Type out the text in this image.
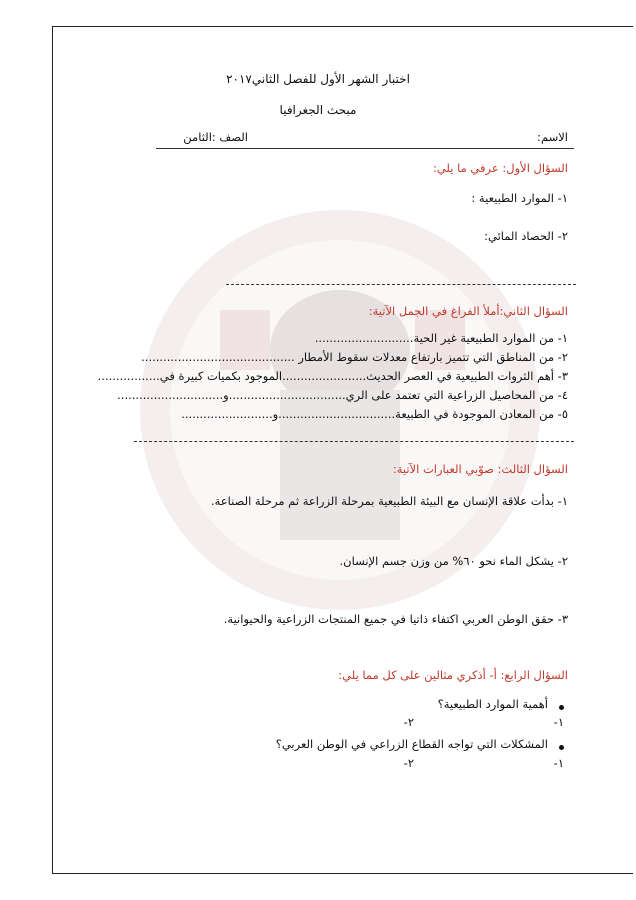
اختبار الشهر الأول للفصل الثاني٢٠١٧
مبحث الجغرافيا
الاسم:
الصف :الثامن
السؤال الأول: عرفي ما يلي:
١- الموارد الطبيعية :
٢- الحصاد المائي:
السؤال الثاني:أملأ الفراغ في الجمل الآتية:
١- من الموارد الطبيعية غير الحية...........................
٢- من المناطق التي تتميز بارتفاع معدلات سقوط الأمطار ..........................................
٣- أهم الثروات الطبيعية في العصر الحديث.......................الموجود بكميات كبيرة في.................
٤- من المحاصيل الزراعية التي تعتمد على الري................................و.............................
٥- من المعادن الموجودة في الطبيعة................................و.........................
السؤال الثالث: صوّبي العبارات الآتية:
١- بدأت علاقة الإنسان مع البيئة الطبيعية بمرحلة الزراعة ثم مرحلة الصناعة.
٢- يشكل الماء نحو ٦٠% من وزن جسم الإنسان.
٣- حقق الوطن العربي اكتفاء ذاتيا في جميع المنتجات الزراعية والحيوانية.
السؤال الرابع: أ- أذكري مثالين على كل مما يلي:
أهمية الموارد الطبيعية؟
١-
٢-
المشكلات التي تواجه القطاع الزراعي في الوطن العربي؟
١-
٢-
